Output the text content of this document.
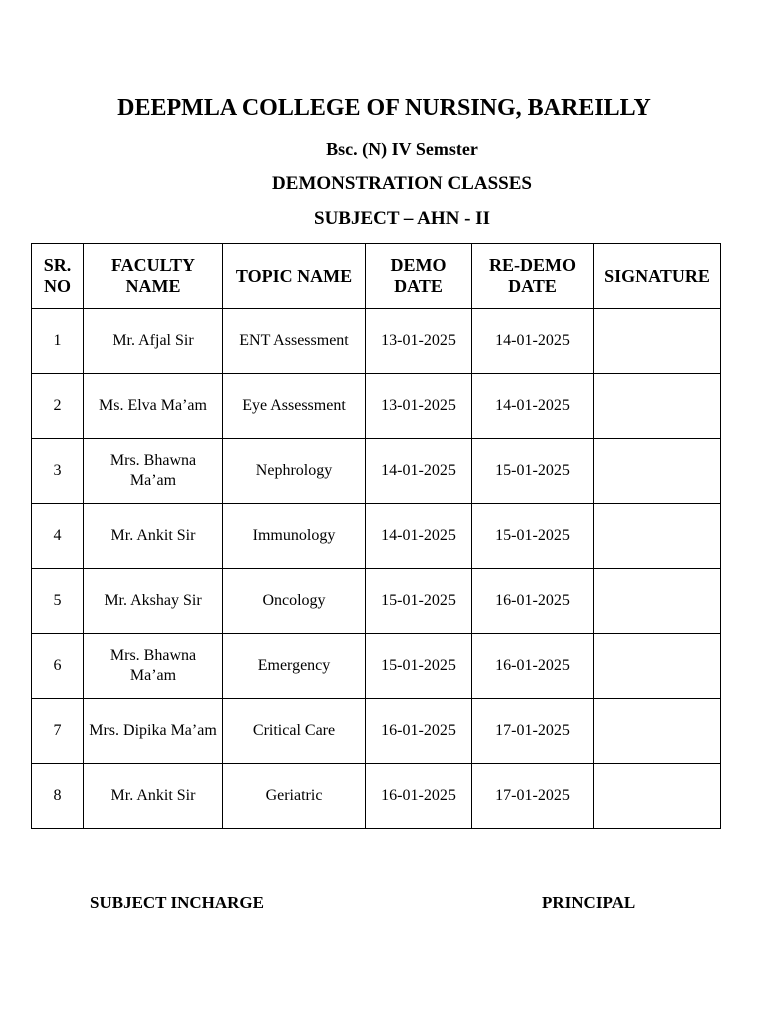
DEEPMLA COLLEGE OF NURSING, BAREILLY

Bsc. (N) IV Semster

DEMONSTRATION CLASSES

SUBJECT – AHN - II

SR. NO	FACULTY NAME	TOPIC NAME	DEMO DATE	RE-DEMO DATE	SIGNATURE
1	Mr. Afjal Sir	ENT Assessment	13-01-2025	14-01-2025	
2	Ms. Elva Ma’am	Eye Assessment	13-01-2025	14-01-2025	
3	Mrs. Bhawna Ma’am	Nephrology	14-01-2025	15-01-2025	
4	Mr. Ankit Sir	Immunology	14-01-2025	15-01-2025	
5	Mr. Akshay Sir	Oncology	15-01-2025	16-01-2025	
6	Mrs. Bhawna Ma’am	Emergency	15-01-2025	16-01-2025	
7	Mrs. Dipika Ma’am	Critical Care	16-01-2025	17-01-2025	
8	Mr. Ankit Sir	Geriatric	16-01-2025	17-01-2025	

SUBJECT INCHARGE	PRINCIPAL
